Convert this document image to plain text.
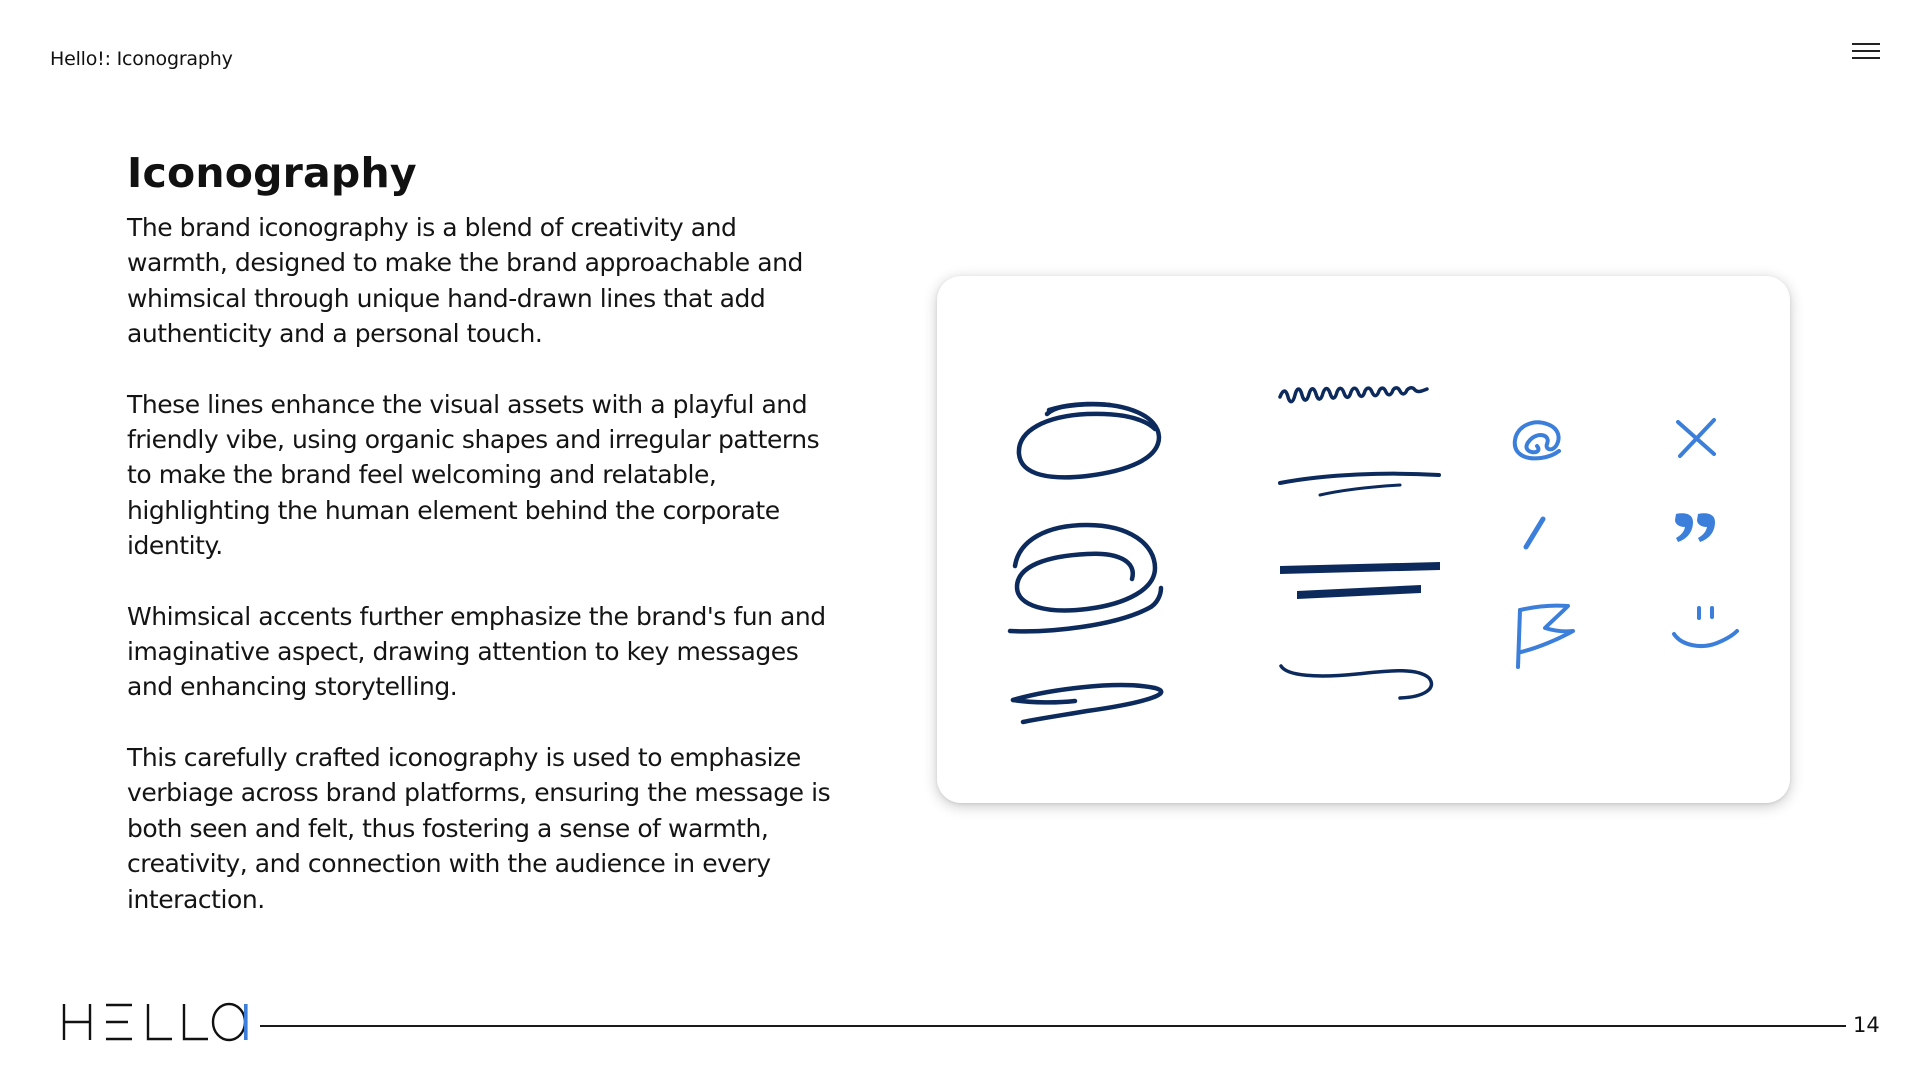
Hello!: Iconography
Iconography

The brand iconography is a blend of creativity and
warmth, designed to make the brand approachable and
whimsical through unique hand-drawn lines that add
authenticity and a personal touch.

These lines enhance the visual assets with a playful and
friendly vibe, using organic shapes and irregular patterns
to make the brand feel welcoming and relatable,
highlighting the human element behind the corporate
identity.

Whimsical accents further emphasize the brand's fun and
imaginative aspect, drawing attention to key messages
and enhancing storytelling.

This carefully crafted iconography is used to emphasize
verbiage across brand platforms, ensuring the message is
both seen and felt, thus fostering a sense of warmth,
creativity, and connection with the audience in every
interaction.

HELLO!
14
